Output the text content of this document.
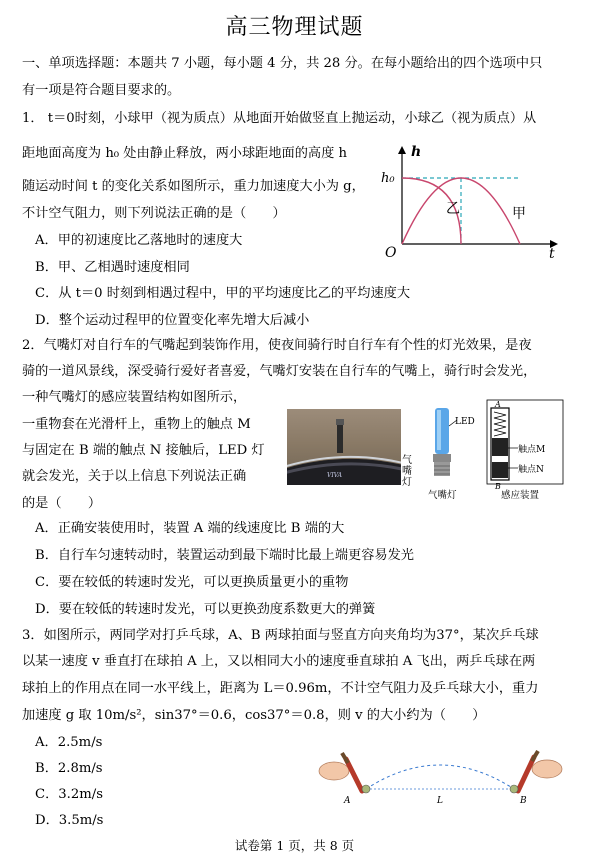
高三物理试题
一、单项选择题：本题共 7 小题，每小题 4 分，共 28 分。在每小题给出的四个选项中只
有一项是符合题目要求的。
1． t＝0时刻，小球甲（视为质点）从地面开始做竖直上抛运动，小球乙（视为质点）从
距地面高度为 h₀ 处由静止释放，两小球距地面的高度 h
随运动时间 t 的变化关系如图所示，重力加速度大小为 g，
不计空气阻力，则下列说法正确的是（　　）
A．甲的初速度比乙落地时的速度大
B．甲、乙相遇时速度相同
C．从 t＝0 时刻到相遇过程中，甲的平均速度比乙的平均速度大
D．整个运动过程甲的位置变化率先增大后减小
h
h₀
O	t
乙	甲
2．气嘴灯对自行车的气嘴起到装饰作用，使夜间骑行时自行车有个性的灯光效果，是夜
骑的一道风景线，深受骑行爱好者喜爱，气嘴灯安装在自行车的气嘴上，骑行时会发光，
一种气嘴灯的感应装置结构如图所示，
一重物套在光滑杆上，重物上的触点 M
与固定在 B 端的触点 N 接触后，LED 灯
就会发光，关于以上信息下列说法正确
的是（　　）
A．正确安装使用时，装置 A 端的线速度比 B 端的大
B．自行车匀速转动时，装置运动到最下端时比最上端更容易发光
C．要在较低的转速时发光，可以更换质量更小的重物
D．要在较低的转速时发光，可以更换劲度系数更大的弹簧
VIVA
气嘴灯
LED
A
B
触点M
触点N
气嘴灯	感应装置
3．如图所示，两同学对打乒乓球，A、B 两球拍面与竖直方向夹角均为37°，某次乒乓球
以某一速度 v 垂直打在球拍 A 上，又以相同大小的速度垂直球拍 A 飞出，两乒乓球在两
球拍上的作用点在同一水平线上，距离为 L＝0.96m，不计空气阻力及乒乓球大小，重力
加速度 g 取 10m/s²，sin37°＝0.6，cos37°＝0.8，则 v 的大小约为（　　）
A．2.5m/s
B．2.8m/s
C．3.2m/s
D．3.5m/s
A	L	B
试卷第 1 页，共 8 页
